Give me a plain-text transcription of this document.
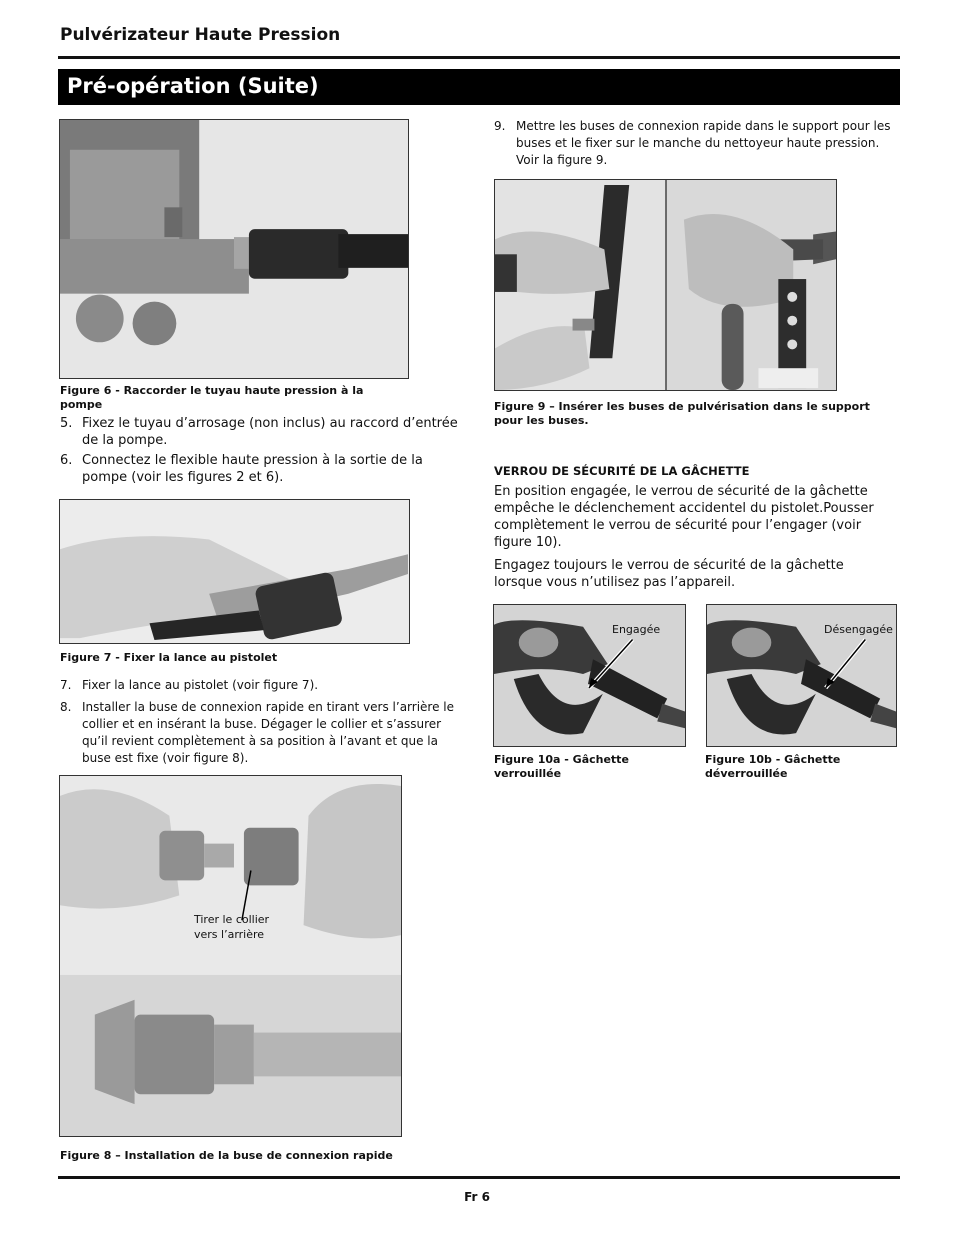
Pulvérizateur Haute Pression
Pré-opération (Suite)
Figure 6 - Raccorder le tuyau haute pression à la pompe
5. Fixez le tuyau d’arrosage (non inclus) au raccord d’entrée de la pompe.
6. Connectez le flexible haute pression à la sortie de la pompe (voir les figures 2 et 6).
Figure 7 - Fixer la lance au pistolet
7. Fixer la lance au pistolet (voir figure 7).
8. Installer la buse de connexion rapide en tirant vers l’arrière le collier et en insérant la buse. Dégager le collier et s’assurer qu’il revient complètement à sa position à l’avant et que la buse est fixe (voir figure 8).
Tirer le collier vers l’arrière
Figure 8 – Installation de la buse de connexion rapide
9. Mettre les buses de connexion rapide dans le support pour les buses et le fixer sur le manche du nettoyeur haute pression. Voir la figure 9.
Figure 9 – Insérer les buses de pulvérisation dans le support pour les buses.
VERROU DE SÉCURITÉ DE LA GÂCHETTE
En position engagée, le verrou de sécurité de la gâchette empêche le déclenchement accidentel du pistolet.Pousser complètement le verrou de sécurité pour l’engager (voir figure 10).
Engagez toujours le verrou de sécurité de la gâchette lorsque vous n’utilisez pas l’appareil.
Engagée
Figure 10a - Gâchette verrouillée
Désengagée
Figure 10b - Gâchette déverrouillée
Fr 6
